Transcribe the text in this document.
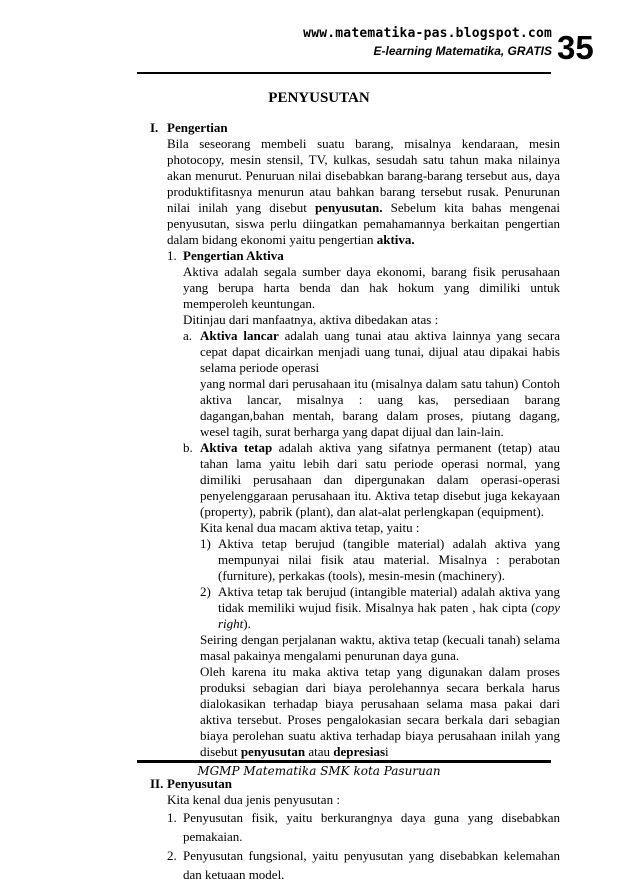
www.matematika-pas.blogspot.com
E-learning Matematika, GRATIS 35
PENYUSUTAN
I. Pengertian
Bila seseorang membeli suatu barang, misalnya kendaraan, mesin photocopy, mesin stensil, TV, kulkas, sesudah satu tahun maka nilainya akan menurut. Penuruan nilai disebabkan barang-barang tersebut aus, daya produktifitasnya menurun atau bahkan barang tersebut rusak. Penurunan nilai inilah yang disebut penyusutan. Sebelum kita bahas mengenai penyusutan, siswa perlu diingatkan pemahamannya berkaitan pengertian dalam bidang ekonomi yaitu pengertian aktiva.
1. Pengertian Aktiva
Aktiva adalah segala sumber daya ekonomi, barang fisik perusahaan yang berupa harta benda dan hak hokum yang dimiliki untuk memperoleh keuntungan.
Ditinjau dari manfaatnya, aktiva dibedakan atas :
a. Aktiva lancar adalah uang tunai atau aktiva lainnya yang secara cepat dapat dicairkan menjadi uang tunai, dijual atau dipakai habis selama periode operasi
yang normal dari perusahaan itu (misalnya dalam satu tahun) Contoh aktiva lancar, misalnya : uang kas, persediaan barang dagangan,bahan mentah, barang dalam proses, piutang dagang, wesel tagih, surat berharga yang dapat dijual dan lain-lain.
b. Aktiva tetap adalah aktiva yang sifatnya permanent (tetap) atau tahan lama yaitu lebih dari satu periode operasi normal, yang dimiliki perusahaan dan dipergunakan dalam operasi-operasi penyelenggaraan perusahaan itu. Aktiva tetap disebut juga kekayaan (property), pabrik (plant), dan alat-alat perlengkapan (equipment).
Kita kenal dua macam aktiva tetap, yaitu :
1) Aktiva tetap berujud (tangible material) adalah aktiva yang mempunyai nilai fisik atau material. Misalnya : perabotan (furniture), perkakas (tools), mesin-mesin (machinery).
2) Aktiva tetap tak berujud (intangible material) adalah aktiva yang tidak memiliki wujud fisik. Misalnya hak paten , hak cipta (copy right).
Seiring dengan perjalanan waktu, aktiva tetap (kecuali tanah) selama masal pakainya mengalami penurunan daya guna.
Oleh karena itu maka aktiva tetap yang digunakan dalam proses produksi sebagian dari biaya perolehannya secara berkala harus dialokasikan terhadap biaya perusahaan selama masa pakai dari aktiva tersebut. Proses pengalokasian secara berkala dari sebagian biaya perolehan suatu aktiva terhadap biaya perusahaan inilah yang disebut penyusutan atau depresiasi
II. Penyusutan
Kita kenal dua jenis penyusutan :
1. Penyusutan fisik, yaitu berkurangnya daya guna yang disebabkan pemakaian.
2. Penyusutan fungsional, yaitu penyusutan yang disebabkan kelemahan dan ketuaan model.
MGMP Matematika SMK kota Pasuruan
